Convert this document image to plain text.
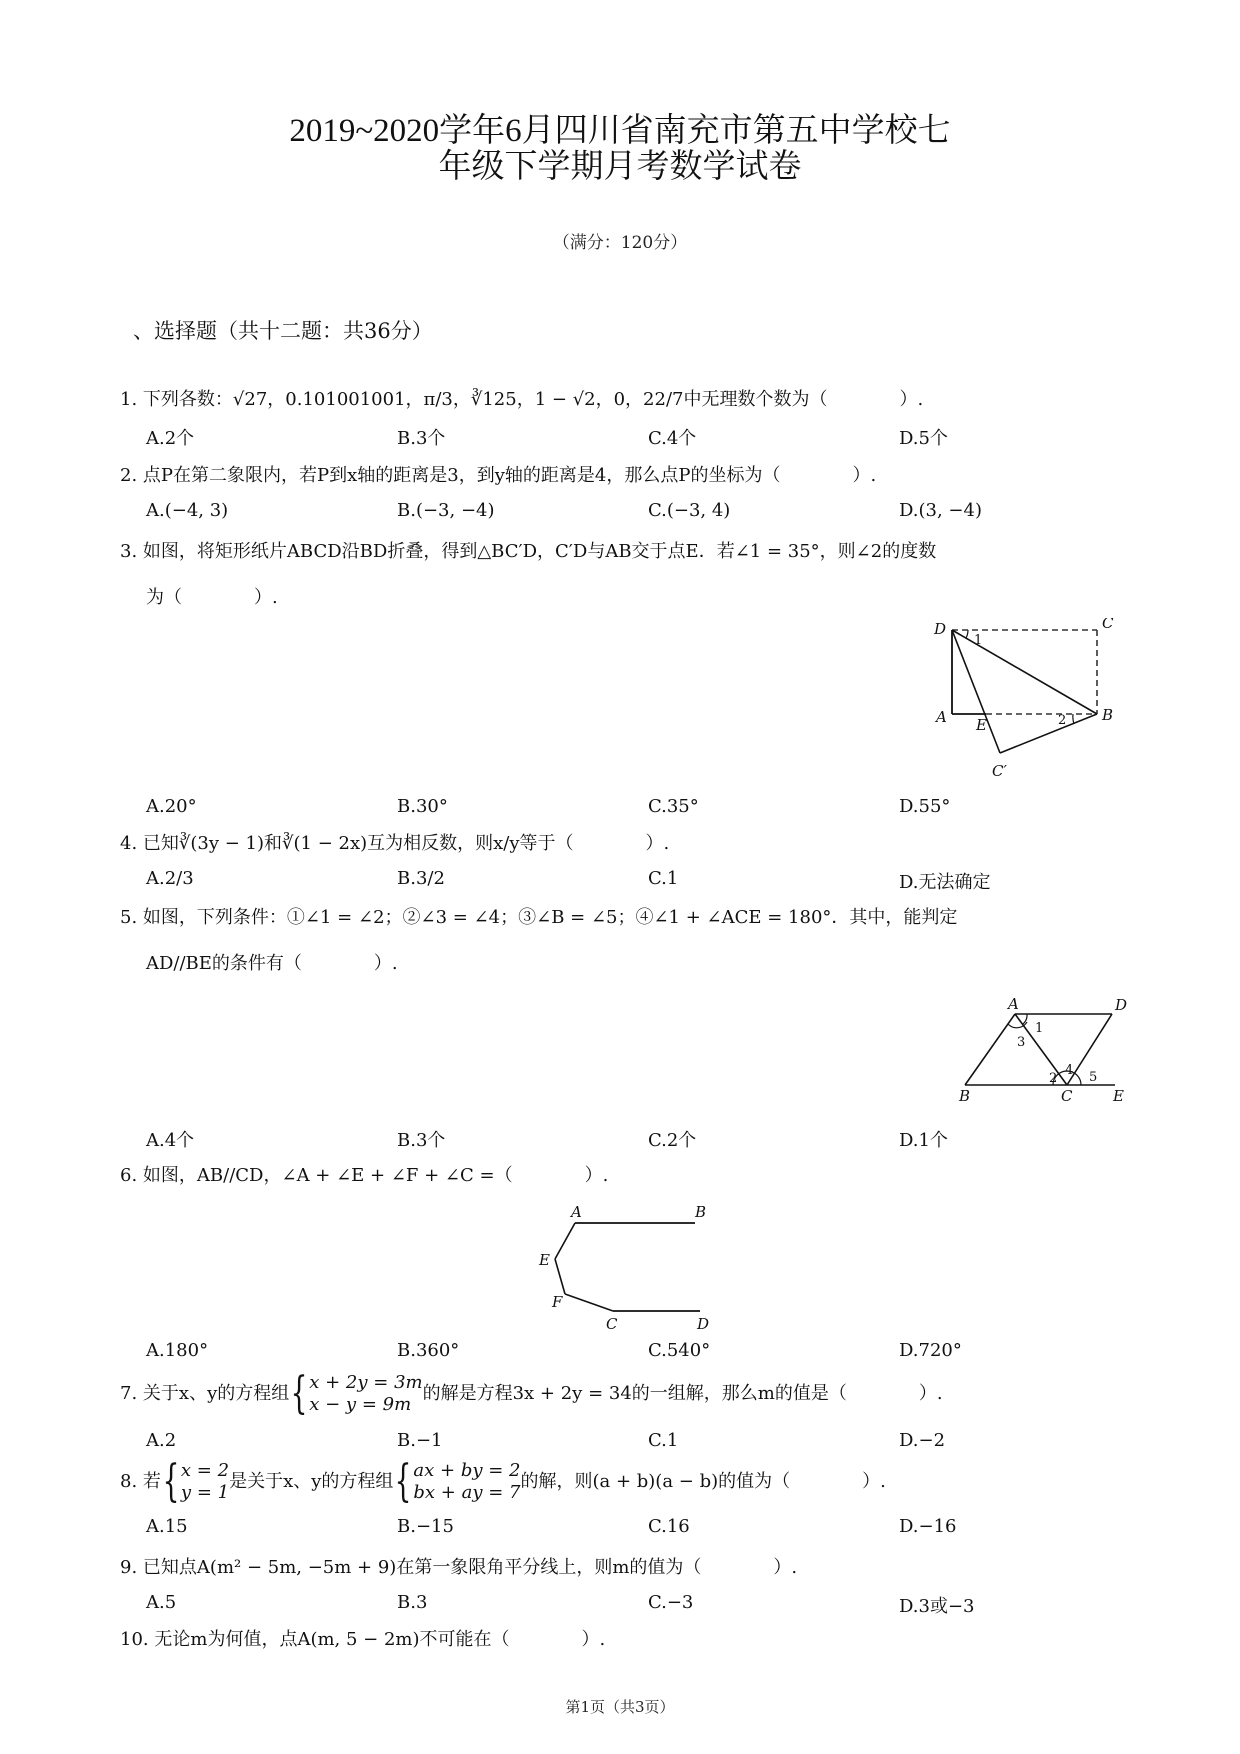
2019~2020学年6月四川省南充市第五中学校七
年级下学期月考数学试卷
（满分：120分）
、选择题（共十二题：共36分）
1. 下列各数：√27，0.101001001，π/3，∛125，1 − √2，0，22/7中无理数个数为（　　　　）.
A.2个	B.3个	C.4个	D.5个
2. 点P在第二象限内，若P到x轴的距离是3，到y轴的距离是4，那么点P的坐标为（　　　　）.
A.(−4, 3)	B.(−3, −4)	C.(−3, 4)	D.(3, −4)
3. 如图，将矩形纸片ABCD沿BD折叠，得到△BC′D，C′D与AB交于点E．若∠1 = 35°，则∠2的度数
为（　　　　）.
D	C
A	B
E
C′
1
2
A.20°	B.30°	C.35°	D.55°
4. 已知∛(3y − 1)和∛(1 − 2x)互为相反数，则x/y等于（　　　　）.
A.2/3	B.3/2	C.1	D.无法确定
5. 如图，下列条件：①∠1 = ∠2；②∠3 = ∠4；③∠B = ∠5；④∠1 + ∠ACE = 180°．其中，能判定
AD//BE的条件有（　　　　）.
A	D
B	C	E
1
3
2
4 5
A.4个	B.3个	C.2个	D.1个
6. 如图，AB//CD，∠A + ∠E + ∠F + ∠C =（　　　　）.
A	B
E
F
C	D
A.180°	B.360°	C.540°	D.720°
7. 关于x、y的方程组{x + 2y = 3m
x − y = 9m的解是方程3x + 2y = 34的一组解，那么m的值是（　　　　）.
A.2	B.−1	C.1	D.−2
8. 若{x = 2
y = 1是关于x、y的方程组{ax + by = 2
bx + ay = 7的解，则(a + b)(a − b)的值为（　　　　）.
A.15	B.−15	C.16	D.−16
9. 已知点A(m² − 5m, −5m + 9)在第一象限角平分线上，则m的值为（　　　　）.
A.5	B.3	C.−3	D.3或−3
10. 无论m为何值，点A(m, 5 − 2m)不可能在（　　　　）.
第1页（共3页）
